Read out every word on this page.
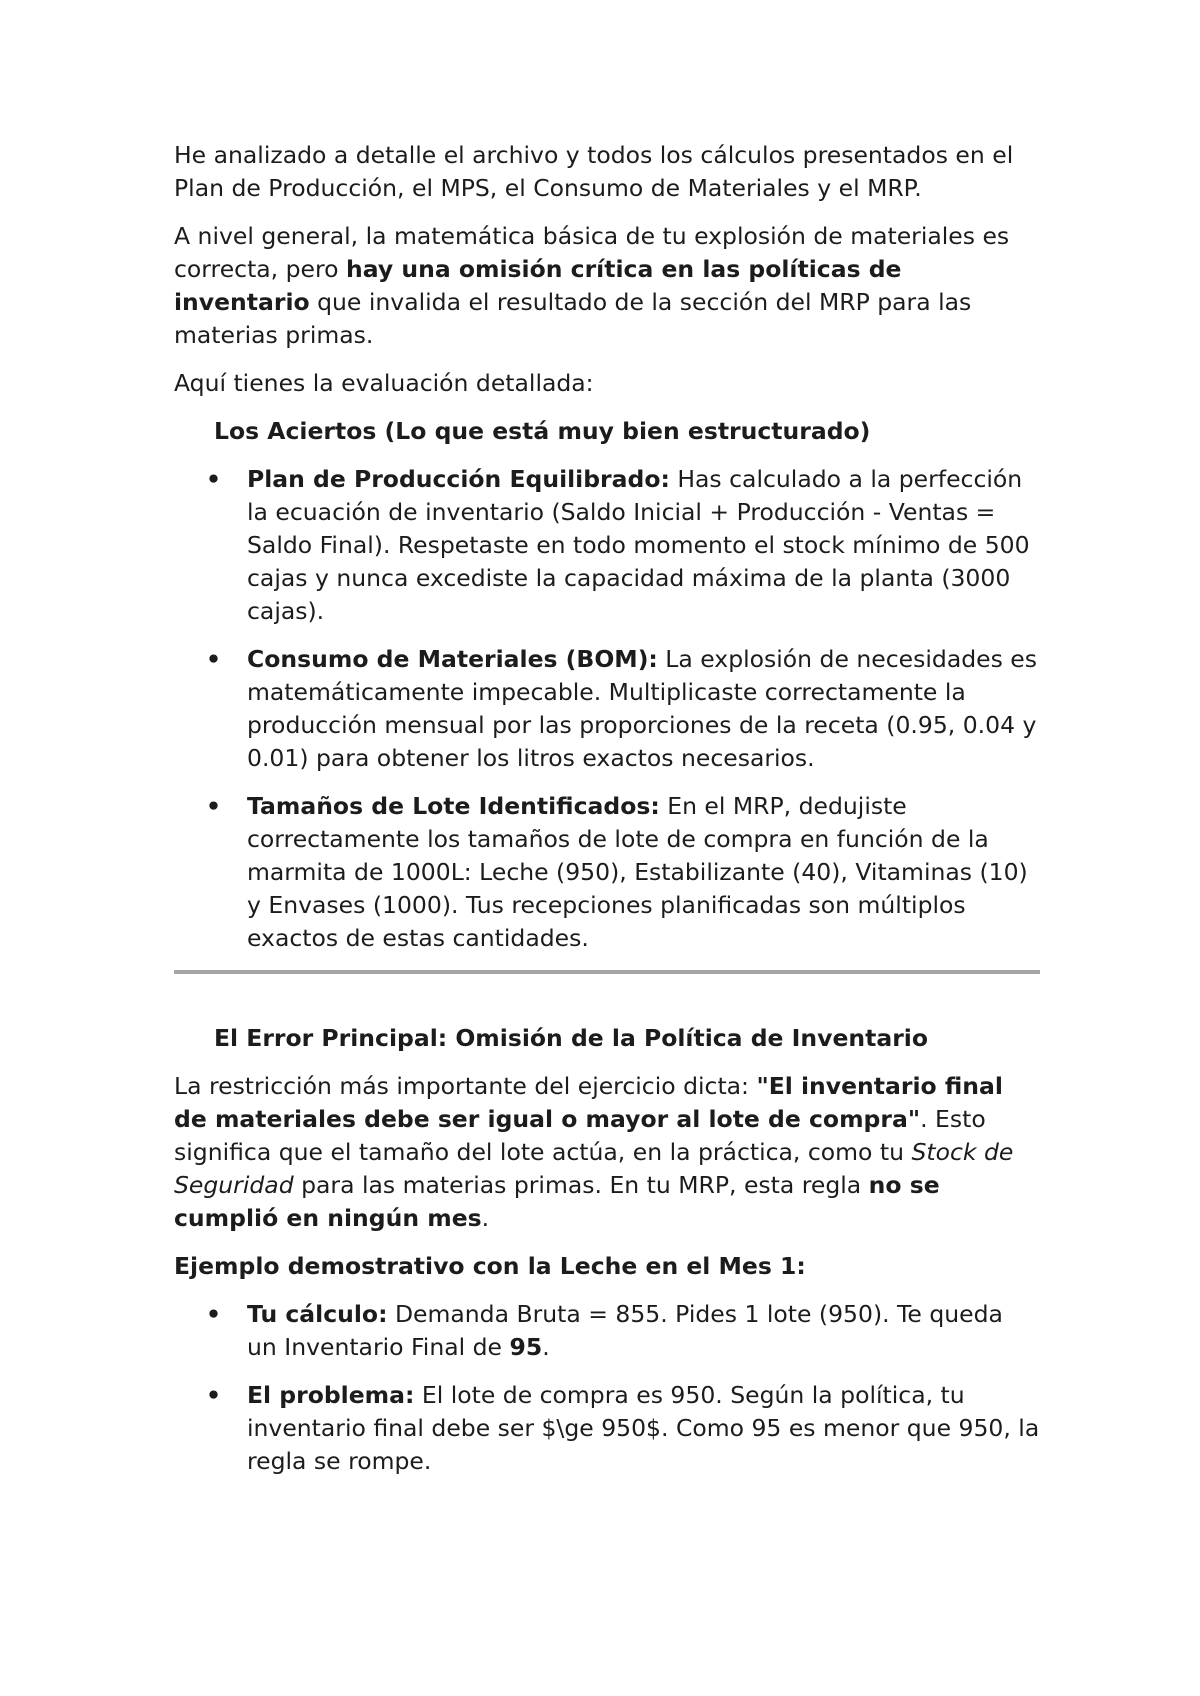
He analizado a detalle el archivo y todos los cálculos presentados en el Plan de Producción, el MPS, el Consumo de Materiales y el MRP.

A nivel general, la matemática básica de tu explosión de materiales es correcta, pero hay una omisión crítica en las políticas de inventario que invalida el resultado de la sección del MRP para las materias primas.

Aquí tienes la evaluación detallada:

Los Aciertos (Lo que está muy bien estructurado)
• Plan de Producción Equilibrado: Has calculado a la perfección la ecuación de inventario (Saldo Inicial + Producción - Ventas = Saldo Final). Respetaste en todo momento el stock mínimo de 500 cajas y nunca excediste la capacidad máxima de la planta (3000 cajas).
• Consumo de Materiales (BOM): La explosión de necesidades es matemáticamente impecable. Multiplicaste correctamente la producción mensual por las proporciones de la receta (0.95, 0.04 y 0.01) para obtener los litros exactos necesarios.
• Tamaños de Lote Identificados: En el MRP, dedujiste correctamente los tamaños de lote de compra en función de la marmita de 1000L: Leche (950), Estabilizante (40), Vitaminas (10) y Envases (1000). Tus recepciones planificadas son múltiplos exactos de estas cantidades.
El Error Principal: Omisión de la Política de Inventario

La restricción más importante del ejercicio dicta: "El inventario final de materiales debe ser igual o mayor al lote de compra". Esto significa que el tamaño del lote actúa, en la práctica, como tu Stock de Seguridad para las materias primas. En tu MRP, esta regla no se cumplió en ningún mes.

Ejemplo demostrativo con la Leche en el Mes 1:

• Tu cálculo: Demanda Bruta = 855. Pides 1 lote (950). Te queda un Inventario Final de 95.
• El problema: El lote de compra es 950. Según la política, tu inventario final debe ser $\ge 950$. Como 95 es menor que 950, la regla se rompe.
